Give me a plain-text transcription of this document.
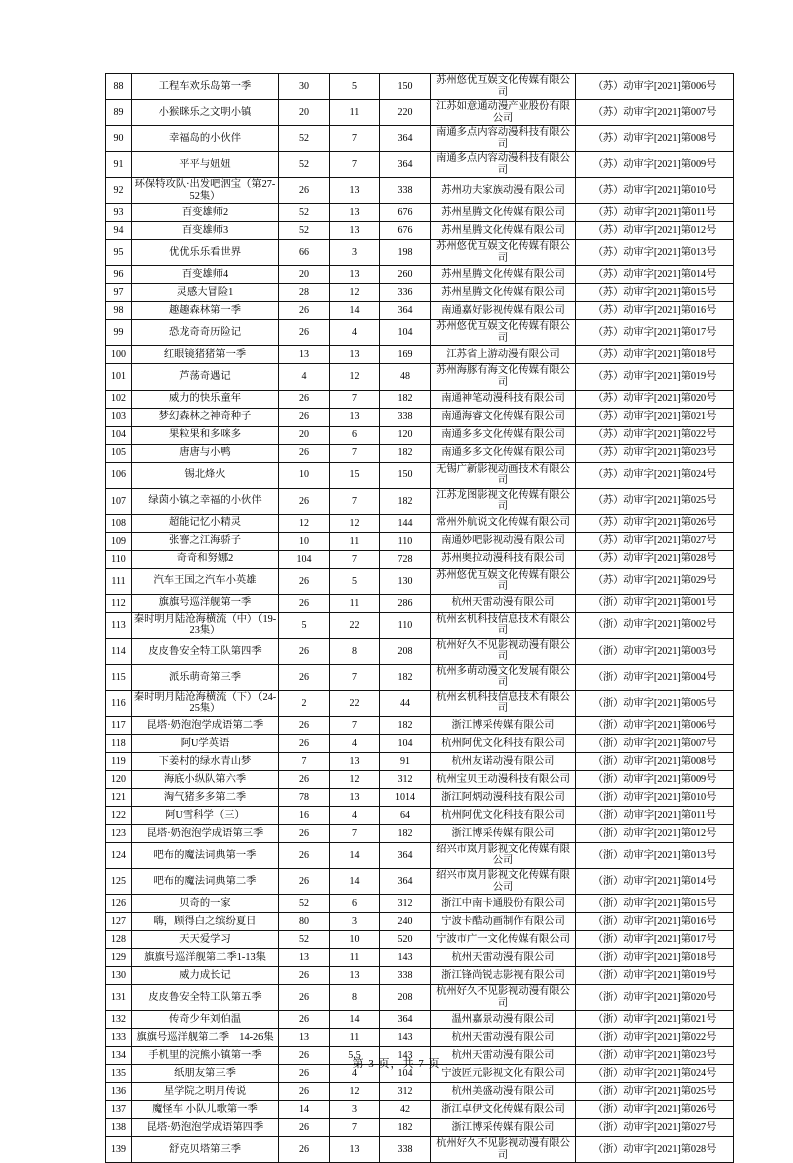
88	工程车欢乐岛第一季	30	5	150	苏州悠优互娱文化传媒有限公司	（苏）动审字[2021]第006号
89	小猴眯乐之文明小镇	20	11	220	江苏如意通动漫产业股份有限公司	（苏）动审字[2021]第007号
90	幸福岛的小伙伴	52	7	364	南通多点内容动漫科技有限公司	（苏）动审字[2021]第008号
91	平平与妞妞	52	7	364	南通多点内容动漫科技有限公司	（苏）动审字[2021]第009号
92	环保特攻队·出发吧泗宝（第27-52集）	26	13	338	苏州功夫家族动漫有限公司	（苏）动审字[2021]第010号
93	百变雄师2	52	13	676	苏州星腾文化传媒有限公司	（苏）动审字[2021]第011号
94	百变雄师3	52	13	676	苏州星腾文化传媒有限公司	（苏）动审字[2021]第012号
95	优优乐乐看世界	66	3	198	苏州悠优互娱文化传媒有限公司	（苏）动审字[2021]第013号
96	百变雄师4	20	13	260	苏州星腾文化传媒有限公司	（苏）动审字[2021]第014号
97	灵感大冒险1	28	12	336	苏州星腾文化传媒有限公司	（苏）动审字[2021]第015号
98	趣趣森林第一季	26	14	364	南通嘉好影视传媒有限公司	（苏）动审字[2021]第016号
99	恐龙奇奇历险记	26	4	104	苏州悠优互娱文化传媒有限公司	（苏）动审字[2021]第017号
100	红眼镜猪猪第一季	13	13	169	江苏省上游动漫有限公司	（苏）动审字[2021]第018号
101	芦荡奇遇记	4	12	48	苏州海豚有海文化传媒有限公司	（苏）动审字[2021]第019号
102	威力的快乐童年	26	7	182	南通神笔动漫科技有限公司	（苏）动审字[2021]第020号
103	梦幻森林之神奇种子	26	13	338	南通海睿文化传媒有限公司	（苏）动审字[2021]第021号
104	果粒果和多咪多	20	6	120	南通多多文化传媒有限公司	（苏）动审字[2021]第022号
105	唐唐与小鸭	26	7	182	南通多多文化传媒有限公司	（苏）动审字[2021]第023号
106	锡北烽火	10	15	150	无锡广新影视动画技术有限公司	（苏）动审字[2021]第024号
107	绿茵小镇之幸福的小伙伴	26	7	182	江苏龙图影视文化传媒有限公司	（苏）动审字[2021]第025号
108	超能记忆小精灵	12	12	144	常州外航说文化传媒有限公司	（苏）动审字[2021]第026号
109	张謇之江海骄子	10	11	110	南通妙吧影视动漫有限公司	（苏）动审字[2021]第027号
110	奇奇和努娜2	104	7	728	苏州奥拉动漫科技有限公司	（苏）动审字[2021]第028号
111	汽车王国之汽车小英雄	26	5	130	苏州悠优互娱文化传媒有限公司	（苏）动审字[2021]第029号
112	旗旗号巡洋舰第一季	26	11	286	杭州天雷动漫有限公司	（浙）动审字[2021]第001号
113	秦时明月陆沧海横流（中）（19-23集）	5	22	110	杭州玄机科技信息技术有限公司	（浙）动审字[2021]第002号
114	皮皮鲁安全特工队第四季	26	8	208	杭州好久不见影视动漫有限公司	（浙）动审字[2021]第003号
115	派乐萌奇第三季	26	7	182	杭州多萌动漫文化发展有限公司	（浙）动审字[2021]第004号
116	秦时明月陆沧海横流（下）（24-25集）	2	22	44	杭州玄机科技信息技术有限公司	（浙）动审字[2021]第005号
117	昆塔·奶泡泡学成语第二季	26	7	182	浙江博采传媒有限公司	（浙）动审字[2021]第006号
118	阿U学英语	26	4	104	杭州阿优文化科技有限公司	（浙）动审字[2021]第007号
119	下姜村的绿水青山梦	7	13	91	杭州友诺动漫有限公司	（浙）动审字[2021]第008号
120	海底小纵队第六季	26	12	312	杭州宝贝王动漫科技有限公司	（浙）动审字[2021]第009号
121	淘气猪多多第二季	78	13	1014	浙江阿炳动漫科技有限公司	（浙）动审字[2021]第010号
122	阿U雪科学（三）	16	4	64	杭州阿优文化科技有限公司	（浙）动审字[2021]第011号
123	昆塔·奶泡泡学成语第三季	26	7	182	浙江博采传媒有限公司	（浙）动审字[2021]第012号
124	吧布的魔法词典第一季	26	14	364	绍兴市岚月影视文化传媒有限公司	（浙）动审字[2021]第013号
125	吧布的魔法词典第二季	26	14	364	绍兴市岚月影视文化传媒有限公司	（浙）动审字[2021]第014号
126	贝奇的一家	52	6	312	浙江中南卡通股份有限公司	（浙）动审字[2021]第015号
127	嗨，顾得白之缤纷夏日	80	3	240	宁波卡酷动画制作有限公司	（浙）动审字[2021]第016号
128	天天爱学习	52	10	520	宁波市广一文化传媒有限公司	（浙）动审字[2021]第017号
129	旗旗号巡洋舰第二季1-13集	13	11	143	杭州天雷动漫有限公司	（浙）动审字[2021]第018号
130	威力成长记	26	13	338	浙江锋尚锐志影视有限公司	（浙）动审字[2021]第019号
131	皮皮鲁安全特工队第五季	26	8	208	杭州好久不见影视动漫有限公司	（浙）动审字[2021]第020号
132	传奇少年刘伯温	26	14	364	温州嘉景动漫有限公司	（浙）动审字[2021]第021号
133	旗旗号巡洋舰第二季　14-26集	13	11	143	杭州天雷动漫有限公司	（浙）动审字[2021]第022号
134	手机里的浣熊小镇第一季	26	5.5	143	杭州天雷动漫有限公司	（浙）动审字[2021]第023号
135	纸朋友第三季	26	4	104	宁波匠元影视文化有限公司	（浙）动审字[2021]第024号
136	星学院之明月传说	26	12	312	杭州美盛动漫有限公司	（浙）动审字[2021]第025号
137	魔怪车 小队儿歌第一季	14	3	42	浙江卓伊文化传媒有限公司	（浙）动审字[2021]第026号
138	昆塔·奶泡泡学成语第四季	26	7	182	浙江博采传媒有限公司	（浙）动审字[2021]第027号
139	舒克贝塔第三季	26	13	338	杭州好久不见影视动漫有限公司	（浙）动审字[2021]第028号
第 3 页，共 7 页
